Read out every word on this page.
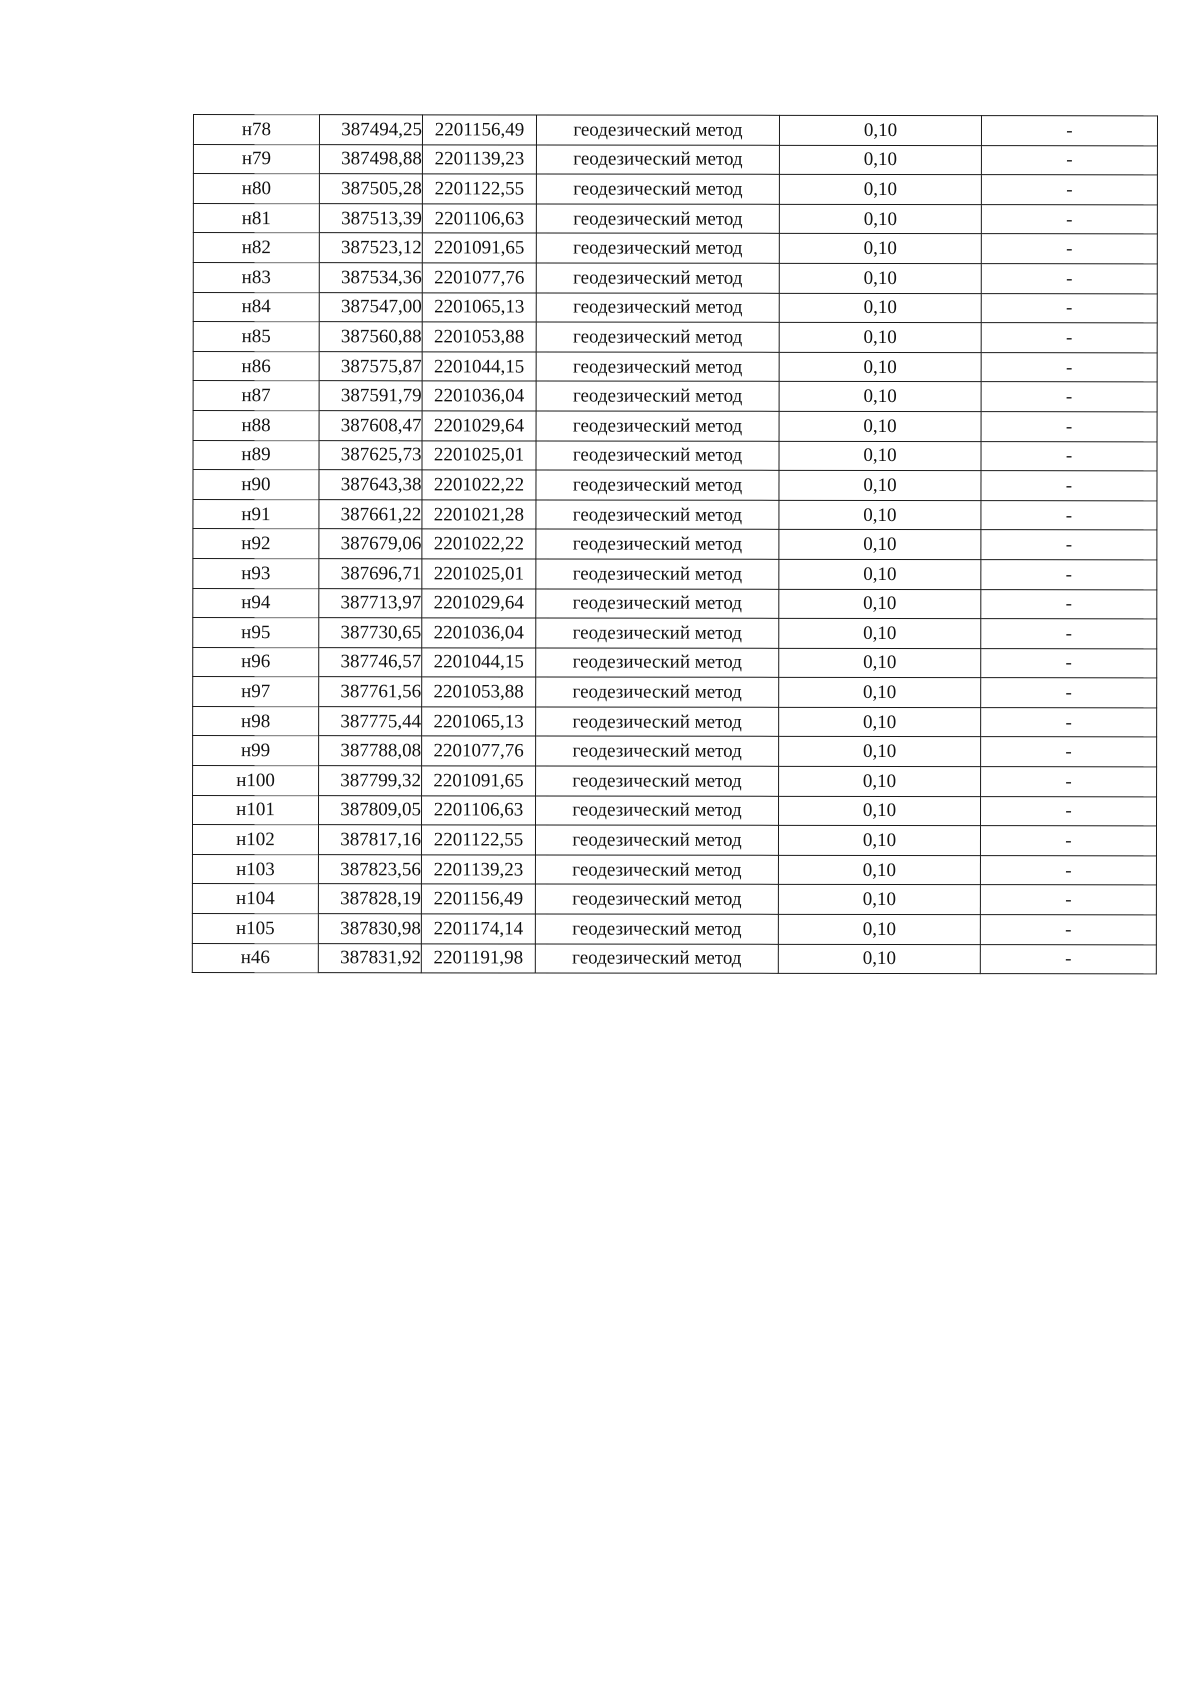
н78	387494,25	2201156,49	геодезический метод	0,10	-
н79	387498,88	2201139,23	геодезический метод	0,10	-
н80	387505,28	2201122,55	геодезический метод	0,10	-
н81	387513,39	2201106,63	геодезический метод	0,10	-
н82	387523,12	2201091,65	геодезический метод	0,10	-
н83	387534,36	2201077,76	геодезический метод	0,10	-
н84	387547,00	2201065,13	геодезический метод	0,10	-
н85	387560,88	2201053,88	геодезический метод	0,10	-
н86	387575,87	2201044,15	геодезический метод	0,10	-
н87	387591,79	2201036,04	геодезический метод	0,10	-
н88	387608,47	2201029,64	геодезический метод	0,10	-
н89	387625,73	2201025,01	геодезический метод	0,10	-
н90	387643,38	2201022,22	геодезический метод	0,10	-
н91	387661,22	2201021,28	геодезический метод	0,10	-
н92	387679,06	2201022,22	геодезический метод	0,10	-
н93	387696,71	2201025,01	геодезический метод	0,10	-
н94	387713,97	2201029,64	геодезический метод	0,10	-
н95	387730,65	2201036,04	геодезический метод	0,10	-
н96	387746,57	2201044,15	геодезический метод	0,10	-
н97	387761,56	2201053,88	геодезический метод	0,10	-
н98	387775,44	2201065,13	геодезический метод	0,10	-
н99	387788,08	2201077,76	геодезический метод	0,10	-
н100	387799,32	2201091,65	геодезический метод	0,10	-
н101	387809,05	2201106,63	геодезический метод	0,10	-
н102	387817,16	2201122,55	геодезический метод	0,10	-
н103	387823,56	2201139,23	геодезический метод	0,10	-
н104	387828,19	2201156,49	геодезический метод	0,10	-
н105	387830,98	2201174,14	геодезический метод	0,10	-
н46	387831,92	2201191,98	геодезический метод	0,10	-
